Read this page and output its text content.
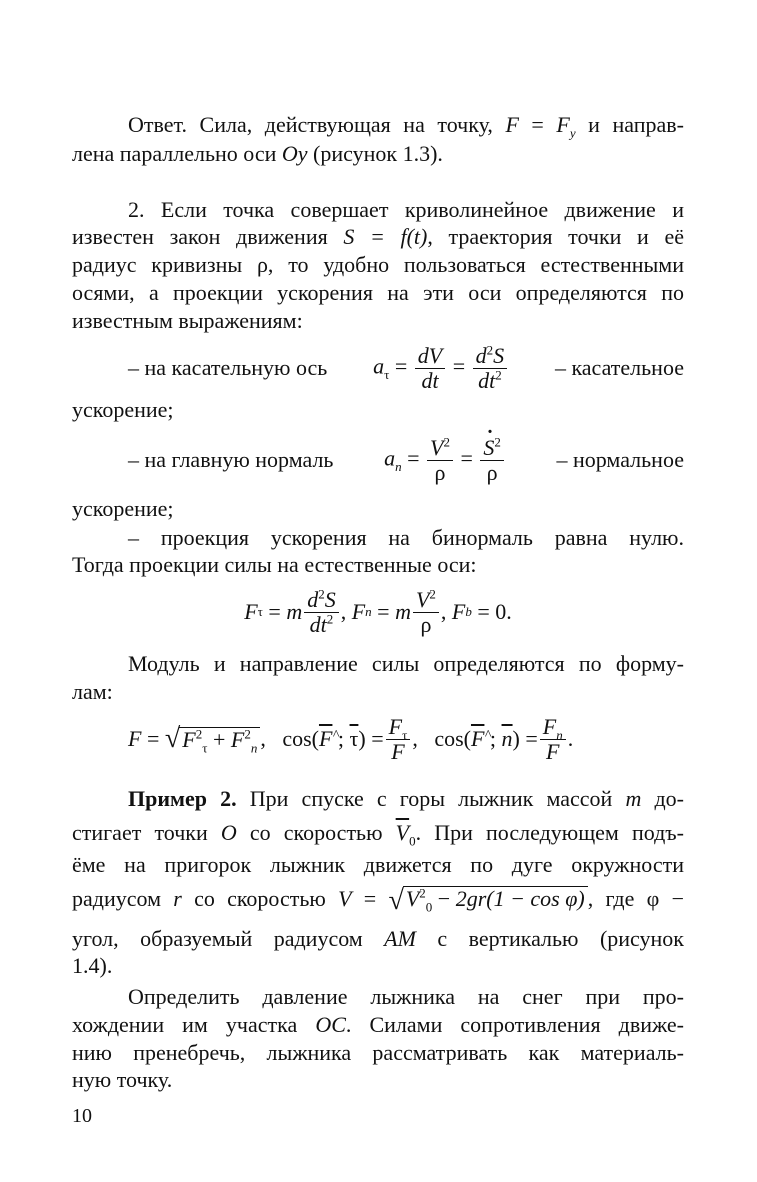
Ответ. Сила, действующая на точку, $F = F_y$ и направ-
лена параллельно оси Oy (рисунок 1.3).
2. Если точка совершает криволинейное движение и
известен закон движения S = f(t), траектория точки и её
радиус кривизны ρ, то удобно пользоваться естественными
осями, а проекции ускорения на эти оси определяются по
известным выражениям:
– на касательную ось $a_\tau = \frac{dV}{dt} = \frac{d^2S}{dt^2}$ – касательное
ускорение;
– на главную нормаль $a_n = \frac{V^2}{\rho}$ = · $\frac{S^2}{\rho}$ – нормальное
ускорение;
– проекция ускорения на бинормаль равна нулю.
Тогда проекции силы на естественные оси:
F τ = m $\frac{d^2S}{dt^2}$ , F n = m $\frac{V^2}{\rho}$ , F b = 0.
Модуль и направление силы определяются по форму-
лам:
F = √ $F^2_\tau + F^2_n$ , cos( $\overline{F}$
; $\overline{\tau}$ ) = $\frac{F_\tau}{F}$ , cos( $\overline{F}$
; $\overline{n}$ ) = $\frac{F_n}{F}$ .
Пример 2. При спуске с горы лыжник массой m до-
стигает точки O со скоростью $\overline{V}_0$. При последующем подъ-
ёме на пригорок лыжник движется по дуге окружности
радиусом r со скоростью $V = √V^2_0 - 2gr(1 - \cos \varphi)$ , где φ −
угол, образуемый радиусом AM с вертикалью (рисунок
1.4).
Определить давление лыжника на снег при про-
хождении им участка OC. Силами сопротивления движе-
нию пренебречь, лыжника рассматривать как материаль-
ную точку.
10
